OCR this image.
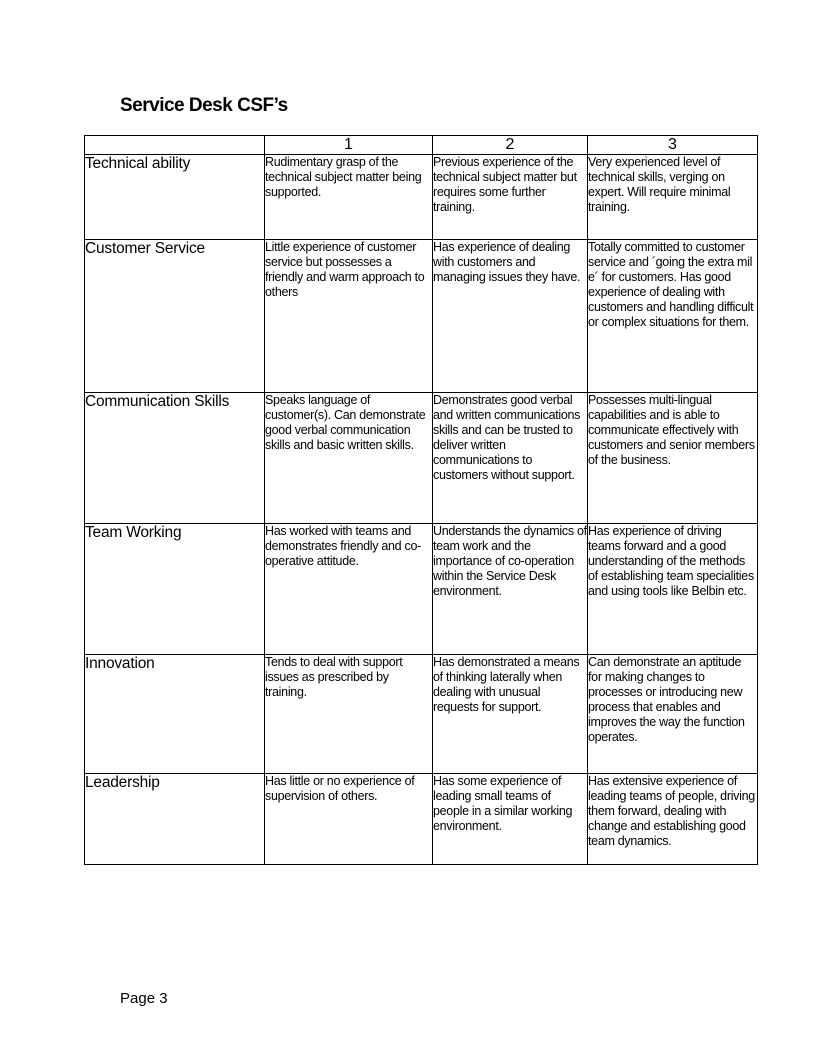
Service Desk CSF’s
	1	2	3
Technical ability	Rudimentary grasp of the technical subject matter being supported.	Previous experience of the technical subject matter but requires some further training.	Very experienced level of technical skills, verging on expert. Will require minimal training.
Customer Service	Little experience of customer service but possesses a friendly and warm approach to others	Has experience of dealing with customers and managing issues they have.	Totally committed to customer service and ´going the extra mil e´ for customers. Has good experience of dealing with customers and handling difficult or complex situations for them.
Communication Skills	Speaks language of customer(s). Can demonstrate good verbal communication skills and basic written skills.	Demonstrates good verbal and written communications skills and can be trusted to deliver written communications to customers without support.	Possesses multi-lingual capabilities and is able to communicate effectively with customers and senior members of the business.
Team Working	Has worked with teams and demonstrates friendly and co-operative attitude.	Understands the dynamics of team work and the importance of co-operation within the Service Desk environment.	Has experience of driving teams forward and a good understanding of the methods of establishing team specialities and using tools like Belbin etc.
Innovation	Tends to deal with support issues as prescribed by training.	Has demonstrated a means of thinking laterally when dealing with unusual requests for support.	Can demonstrate an aptitude for making changes to processes or introducing new process that enables and improves the way the function operates.
Leadership	Has little or no experience of supervision of others.	Has some experience of leading small teams of people in a similar working environment.	Has extensive experience of leading teams of people, driving them forward, dealing with change and establishing good team dynamics.
Page 3
